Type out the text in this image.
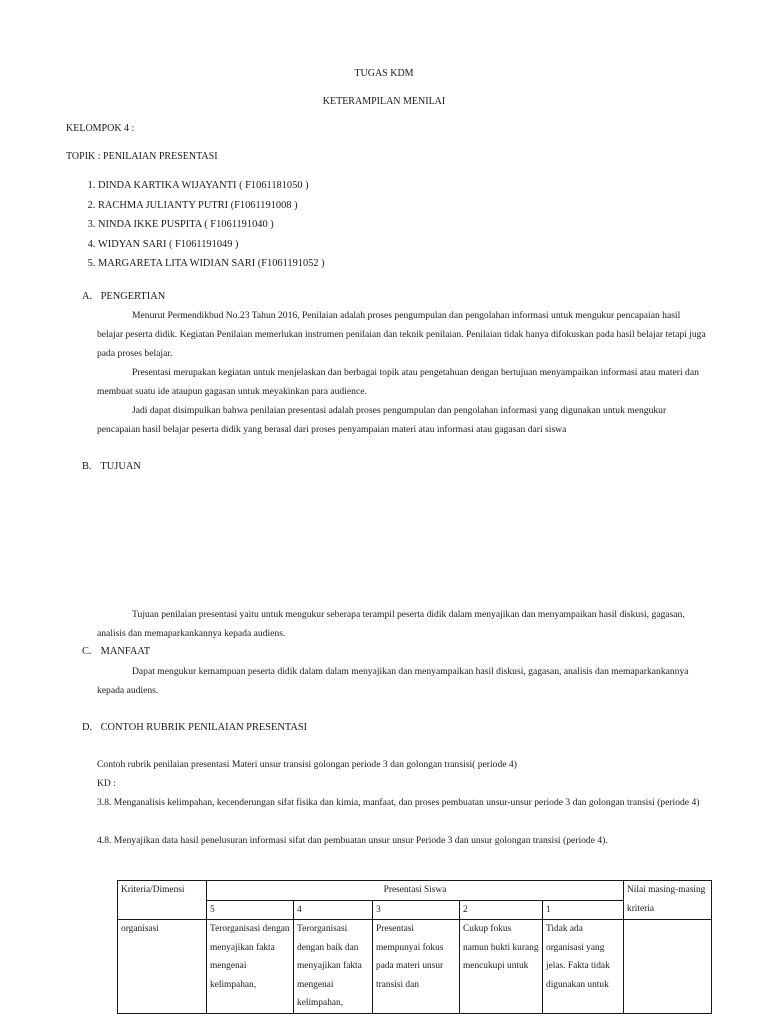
TUGAS KDM
KETERAMPILAN MENILAI
KELOMPOK 4 :
TOPIK : PENILAIAN PRESENTASI
1. DINDA KARTIKA WIJAYANTI ( F1061181050 )
2. RACHMA JULIANTY PUTRI (F1061191008 )
3. NINDA IKKE PUSPITA ( F1061191040 )
4. WIDYAN SARI ( F1061191049 )
5. MARGARETA LITA WIDIAN SARI (F1061191052 )
A. PENGERTIAN

Menurut Permendikbud No.23 Tahun 2016, Penilaian adalah proses pengumpulan dan pengolahan informasi untuk mengukur pencapaian hasil belajar peserta didik. Kegiatan Penilaian memerlukan instrumen penilaian dan teknik penilaian. Penilaian tidak hanya difokuskan pada hasil belajar tetapi juga pada proses belajar.

Presentasi merupakan kegiatan untuk menjelaskan dan berbagai topik atau pengetahuan dengan bertujuan menyampaikan informasi atau materi dan membuat suatu ide ataupun gagasan untuk meyakinkan para audience.

Jadi dapat disimpulkan bahwa penilaian presentasi adalah proses pengumpulan dan pengolahan informasi yang digunakan untuk mengukur pencapaian hasil belajar peserta didik yang berasal dari proses penyampaian materi atau informasi atau gagasan dari siswa

B. TUJUAN

Tujuan penilaian presentasi yaitu untuk mengukur seberapa terampil peserta didik dalam menyajikan dan menyampaikan hasil diskusi, gagasan, analisis dan memaparkankannya kepada audiens.

C. MANFAAT

Dapat mengukur kemampuan peserta didik dalam dalam menyajikan dan menyampaikan hasil diskusi, gagasan, analisis dan memaparkankannya kepada audiens.

D. CONTOH RUBRIK PENILAIAN PRESENTASI
Contoh rubrik penilaian presentasi Materi unsur transisi golongan periode 3 dan golongan transisi( periode 4)
KD :
3.8. Menganalisis kelimpahan, kecenderungan sifat fisika dan kimia, manfaat, dan proses pembuatan unsur-unsur periode 3 dan golongan transisi (periode 4)
4.8. Menyajikan data hasil penelusuran informasi sifat dan pembuatan unsur unsur Periode 3 dan unsur golongan transisi (periode 4).
Kriteria/Dimensi	Presentasi Siswa					Nilai masing-masing kriteria
	5	4	3	2	1	
organisasi	Terorganisasi dengan menyajikan fakta mengenai kelimpahan,	Terorganisasi dengan baik dan menyajikan fakta mengenai kelimpahan,	Presentasi mempunyai fokus pada materi unsur transisi dan	Cukup fokus namun bukti kurang mencukupi untuk	Tidak ada organisasi yang jelas. Fakta tidak digunakan untuk	
